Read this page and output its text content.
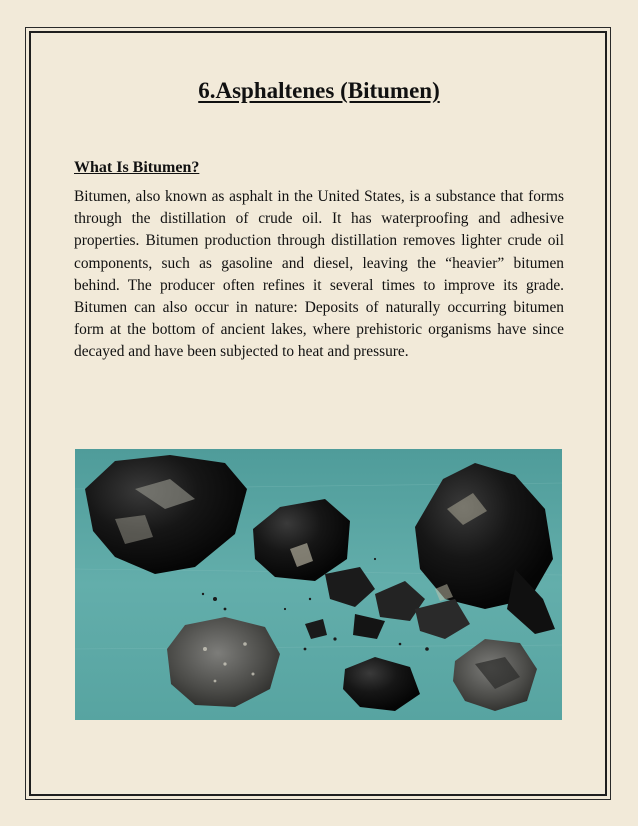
6.Asphaltenes (Bitumen)
What Is Bitumen?

Bitumen, also known as asphalt in the United States, is a substance that forms through the distillation of crude oil. It has waterproofing and adhesive properties. Bitumen production through distillation removes lighter crude oil components, such as gasoline and diesel, leaving the “heavier” bitumen behind. The producer often refines it several times to improve its grade. Bitumen can also occur in nature: Deposits of naturally occurring bitumen form at the bottom of ancient lakes, where prehistoric organisms have since decayed and have been subjected to heat and pressure.
